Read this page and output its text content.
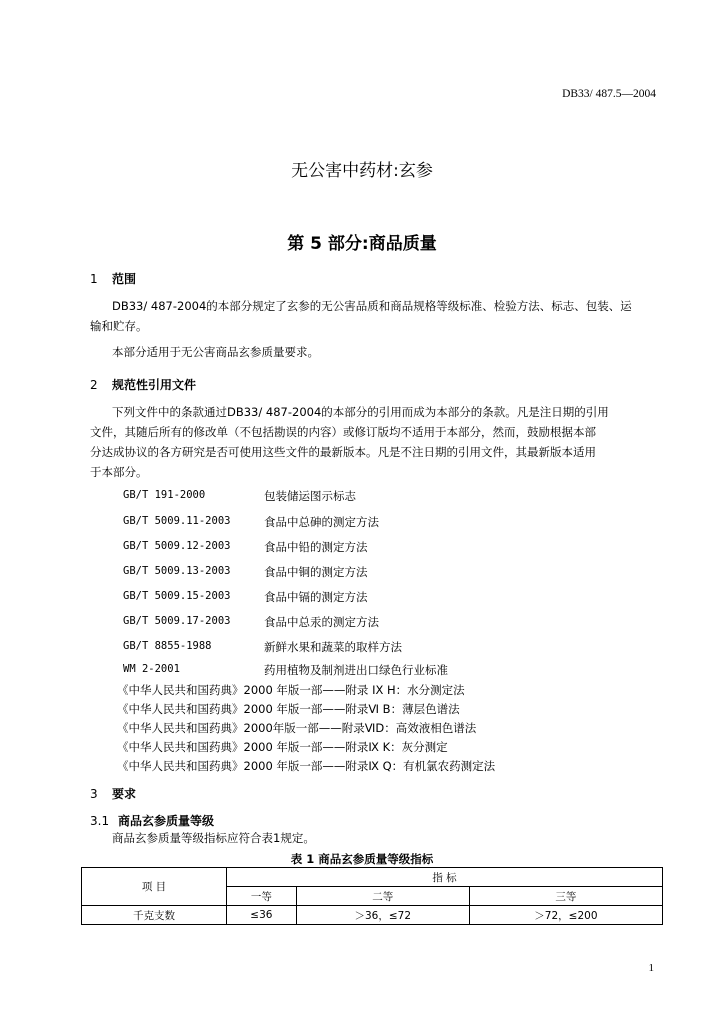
DB33/ 487.5—2004
无公害中药材:玄参
第 5 部分:商品质量
1 范围
DB33/ 487-2004的本部分规定了玄参的无公害品质和商品规格等级标准、检验方法、标志、包装、运
输和贮存。
本部分适用于无公害商品玄参质量要求。
2 规范性引用文件
下列文件中的条款通过DB33/ 487-2004的本部分的引用而成为本部分的条款。凡是注日期的引用
文件，其随后所有的修改单（不包括勘误的内容）或修订版均不适用于本部分，然而，鼓励根据本部
分达成协议的各方研究是否可使用这些文件的最新版本。凡是不注日期的引用文件，其最新版本适用
于本部分。
GB/T 191-2000	包装储运图示标志
GB/T 5009.11-2003	食品中总砷的测定方法
GB/T 5009.12-2003	食品中铅的测定方法
GB/T 5009.13-2003	食品中铜的测定方法
GB/T 5009.15-2003	食品中镉的测定方法
GB/T 5009.17-2003	食品中总汞的测定方法
GB/T 8855-1988	新鲜水果和蔬菜的取样方法
WM 2-2001	药用植物及制剂进出口绿色行业标准
《中华人民共和国药典》2000 年版一部——附录 IX H：水分测定法
《中华人民共和国药典》2000 年版一部——附录Ⅵ B：薄层色谱法
《中华人民共和国药典》2000年版一部——附录ⅥD：高效液相色谱法
《中华人民共和国药典》2000 年版一部——附录Ⅸ K：灰分测定
《中华人民共和国药典》2000 年版一部——附录Ⅸ Q：有机氯农药测定法
3 要求
3.1 商品玄参质量等级
商品玄参质量等级指标应符合表1规定。
表 1 商品玄参质量等级指标
项 目	指 标		
	一等	二等	三等
千克支数	≤36	＞36，≤72	＞72，≤200
1
